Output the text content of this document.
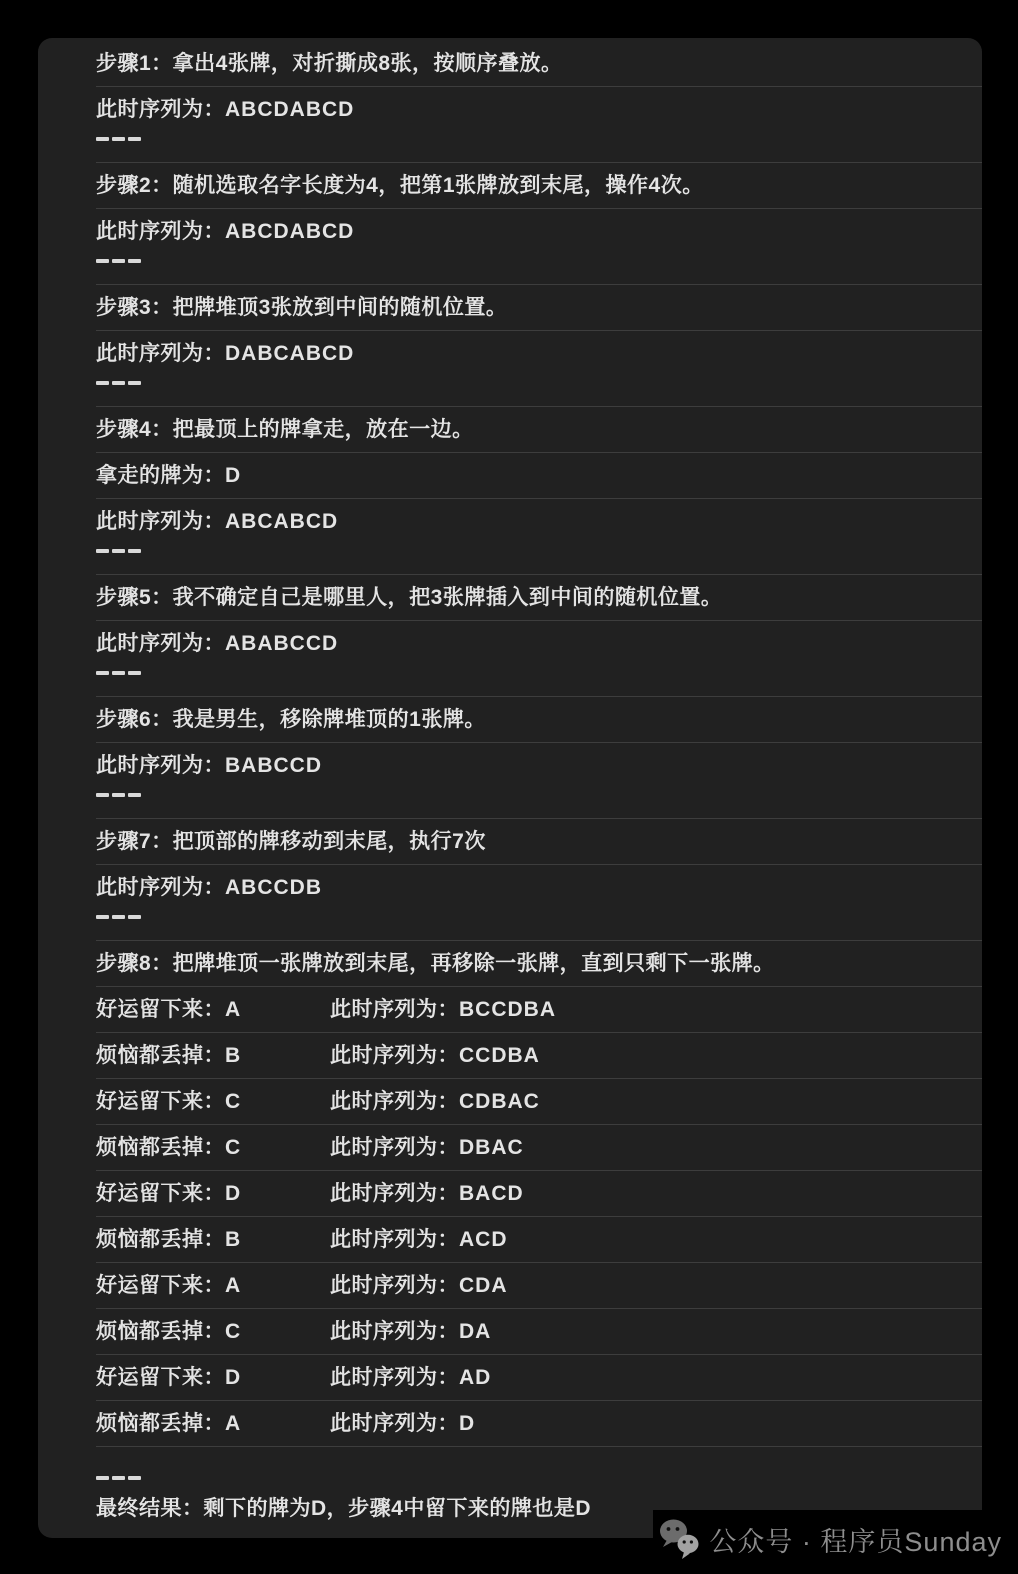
步骤1：拿出4张牌，对折撕成8张，按顺序叠放。
此时序列为：ABCDABCD
步骤2：随机选取名字长度为4，把第1张牌放到末尾，操作4次。
此时序列为：ABCDABCD
步骤3：把牌堆顶3张放到中间的随机位置。
此时序列为：DABCABCD
步骤4：把最顶上的牌拿走，放在一边。
拿走的牌为：D
此时序列为：ABCABCD
步骤5：我不确定自己是哪里人，把3张牌插入到中间的随机位置。
此时序列为：ABABCCD
步骤6：我是男生，移除牌堆顶的1张牌。
此时序列为：BABCCD
步骤7：把顶部的牌移动到末尾，执行7次
此时序列为：ABCCDB
步骤8：把牌堆顶一张牌放到末尾，再移除一张牌，直到只剩下一张牌。
好运留下来：A	此时序列为：BCCDBA
烦恼都丢掉：B	此时序列为：CCDBA
好运留下来：C	此时序列为：CDBAC
烦恼都丢掉：C	此时序列为：DBAC
好运留下来：D	此时序列为：BACD
烦恼都丢掉：B	此时序列为：ACD
好运留下来：A	此时序列为：CDA
烦恼都丢掉：C	此时序列为：DA
好运留下来：D	此时序列为：AD
烦恼都丢掉：A	此时序列为：D
最终结果：剩下的牌为D，步骤4中留下来的牌也是D
公众号 · 程序员Sunday
